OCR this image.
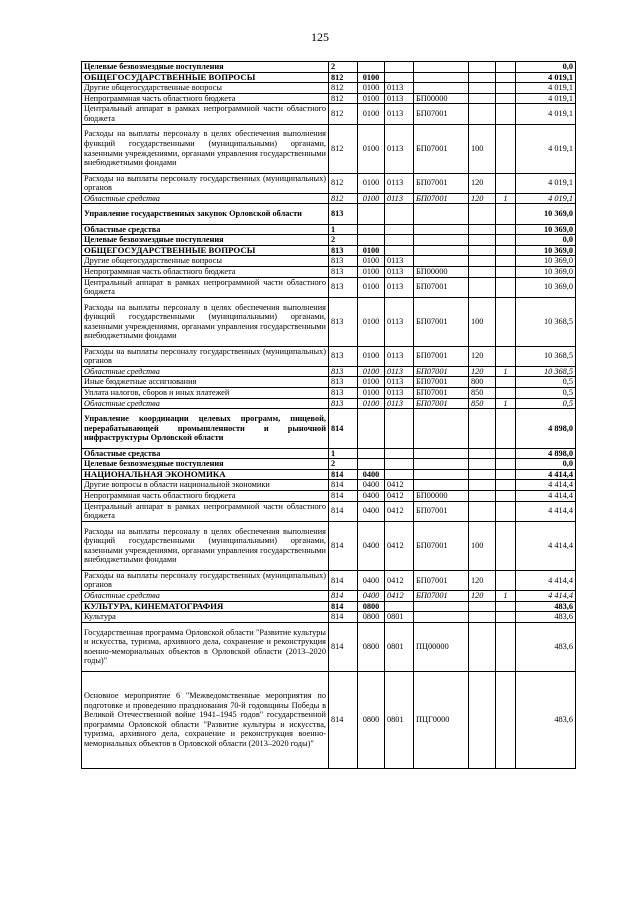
125
Целевые безвозмездные поступления	2						0,0
ОБЩЕГОСУДАРСТВЕННЫЕ ВОПРОСЫ	812	0100					4 019,1
Другие общегосударственные вопросы	812	0100	0113				4 019,1
Непрограммная часть областного бюджета	812	0100	0113	БП00000			4 019,1
Центральный аппарат в рамках непрограммной части областного бюджета	812	0100	0113	БП07001			4 019,1
Расходы на выплаты персоналу в целях обеспечения выполнения функций государственными (муниципальными) органами, казенными учреждениями, органами управления государственными внебюджетными фондами	812	0100	0113	БП07001	100		4 019,1
Расходы на выплаты персоналу государственных (муниципальных) органов	812	0100	0113	БП07001	120		4 019,1
Областные средства	812	0100	0113	БП07001	120	1	4 019,1
Управление государственных закупок Орловской области	813						10 369,0
Областные средства	1						10 369,0
Целевые безвозмездные поступления	2						0,0
ОБЩЕГОСУДАРСТВЕННЫЕ ВОПРОСЫ	813	0100					10 369,0
Другие общегосударственные вопросы	813	0100	0113				10 369,0
Непрограммная часть областного бюджета	813	0100	0113	БП00000			10 369,0
Центральный аппарат в рамках непрограммной части областного бюджета	813	0100	0113	БП07001			10 369,0
Расходы на выплаты персоналу в целях обеспечения выполнения функций государственными (муниципальными) органами, казенными учреждениями, органами управления государственными внебюджетными фондами	813	0100	0113	БП07001	100		10 368,5
Расходы на выплаты персоналу государственных (муниципальных) органов	813	0100	0113	БП07001	120		10 368,5
Областные средства	813	0100	0113	БП07001	120	1	10 368,5
Иные бюджетные ассигнования	813	0100	0113	БП07001	800		0,5
Уплата налогов, сборов и иных платежей	813	0100	0113	БП07001	850		0,5
Областные средства	813	0100	0113	БП07001	850	1	0,5
Управление координации целевых программ, пищевой, перерабатывающей промышленности и рыночной инфраструктуры Орловской области	814						4 898,0
Областные средства	1						4 898,0
Целевые безвозмездные поступления	2						0,0
НАЦИОНАЛЬНАЯ ЭКОНОМИКА	814	0400					4 414,4
Другие вопросы в области национальной экономики	814	0400	0412				4 414,4
Непрограммная часть областного бюджета	814	0400	0412	БП00000			4 414,4
Центральный аппарат в рамках непрограммной части областного бюджета	814	0400	0412	БП07001			4 414,4
Расходы на выплаты персоналу в целях обеспечения выполнения функций государственными (муниципальными) органами, казенными учреждениями, органами управления государственными внебюджетными фондами	814	0400	0412	БП07001	100		4 414,4
Расходы на выплаты персоналу государственных (муниципальных) органов	814	0400	0412	БП07001	120		4 414,4
Областные средства	814	0400	0412	БП07001	120	1	4 414,4
КУЛЬТУРА, КИНЕМАТОГРАФИЯ	814	0800					483,6
Культура	814	0800	0801				483,6
Государственная программа Орловской области "Развитие культуры и искусства, туризма, архивного дела, сохранение и реконструкция военно-мемориальных объектов в Орловской области (2013–2020 годы)"	814	0800	0801	ПЦ00000			483,6
Основное мероприятие 6 "Межведомственные мероприятия по подготовке и проведению празднования 70-й годовщины Победы в Великой Отечественной войне 1941–1945 годов" государственной программы Орловской области "Развитие культуры и искусства, туризма, архивного дела, сохранение и реконструкция военно-мемориальных объектов в Орловской области (2013–2020 годы)"	814	0800	0801	ПЦГ0000			483,6
